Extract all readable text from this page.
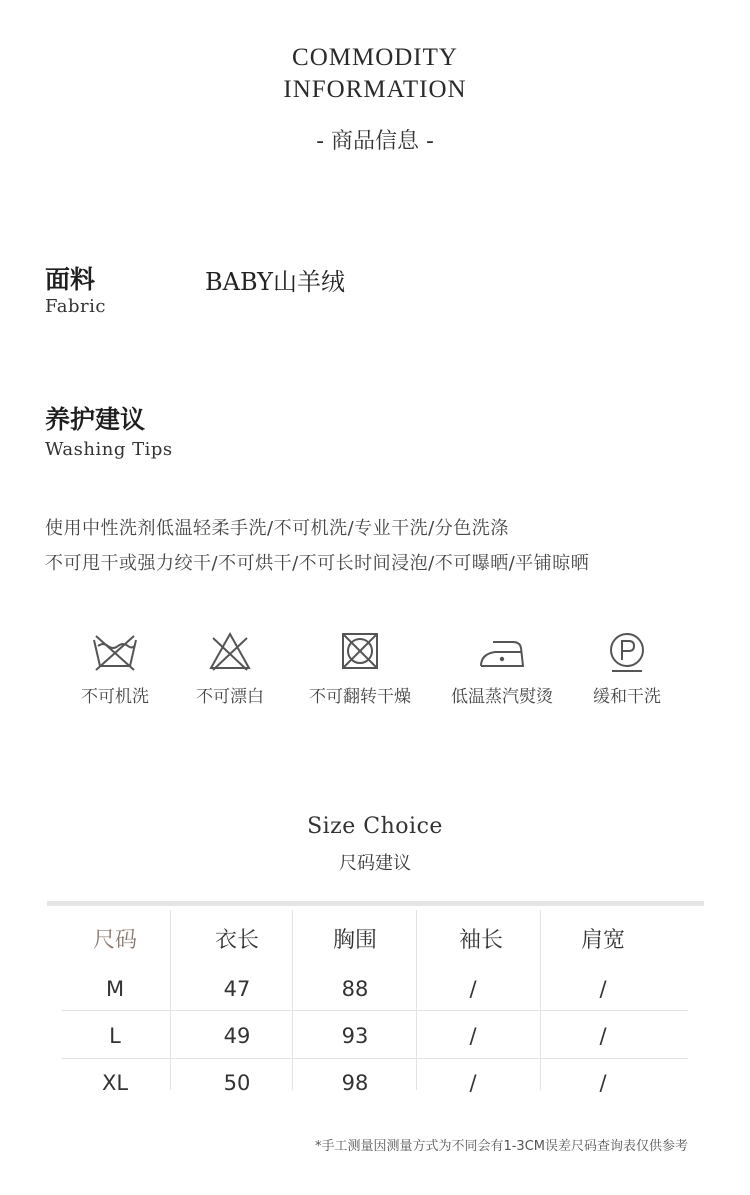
COMMODITY
INFORMATION
- 商品信息 -
面料
Fabric
BABY山羊绒
养护建议
Washing Tips
使用中性洗剂低温轻柔手洗/不可机洗/专业干洗/分色洗涤
不可甩干或强力绞干/不可烘干/不可长时间浸泡/不可曝晒/平铺晾晒
不可机洗	不可漂白	不可翻转干燥	低温蒸汽熨烫	缓和干洗
Size Choice
尺码建议
尺码	衣长	胸围	袖长	肩宽
M	47	88	/	/
L	49	93	/	/
XL	50	98	/	/
*手工测量因测量方式为不同会有1-3CM误差尺码查询表仅供参考
